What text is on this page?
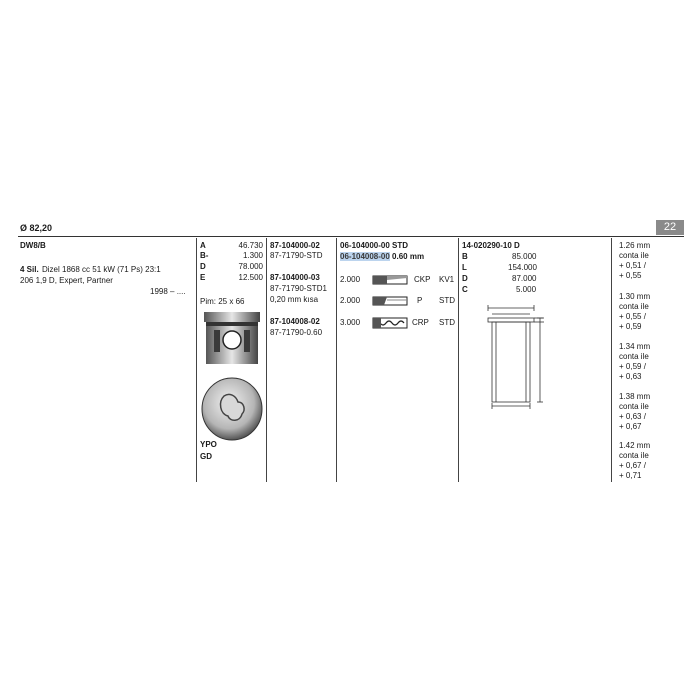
Ø 82,20	22
DW8/B
4 Sil. Dizel 1868 cc 51 kW (71 Ps) 23:1
206 1,9 D, Expert, Partner
1998 – ....
A	46.730
B-	1.300
D	78.000
E	12.500
Pim: 25 x 66
YPO
GD
87-104000-02
87-71790-STD
87-104000-03
87-71790-STD1
0,20 mm kısa
87-104008-02
87-71790-0.60
06-104000-00 STD
06-104008-00 0.60 mm
2.000	CKP KV1
2.000	P STD
3.000	CRP STD
14-020290-10 D
B	85.000
L	154.000
D	87.000
C	5.000
1.26 mm
conta ile
+ 0,51 /
+ 0,55
1.30 mm
conta ile
+ 0,55 /
+ 0,59
1.34 mm
conta ile
+ 0,59 /
+ 0,63
1.38 mm
conta ile
+ 0,63 /
+ 0,67
1.42 mm
conta ile
+ 0,67 /
+ 0,71
